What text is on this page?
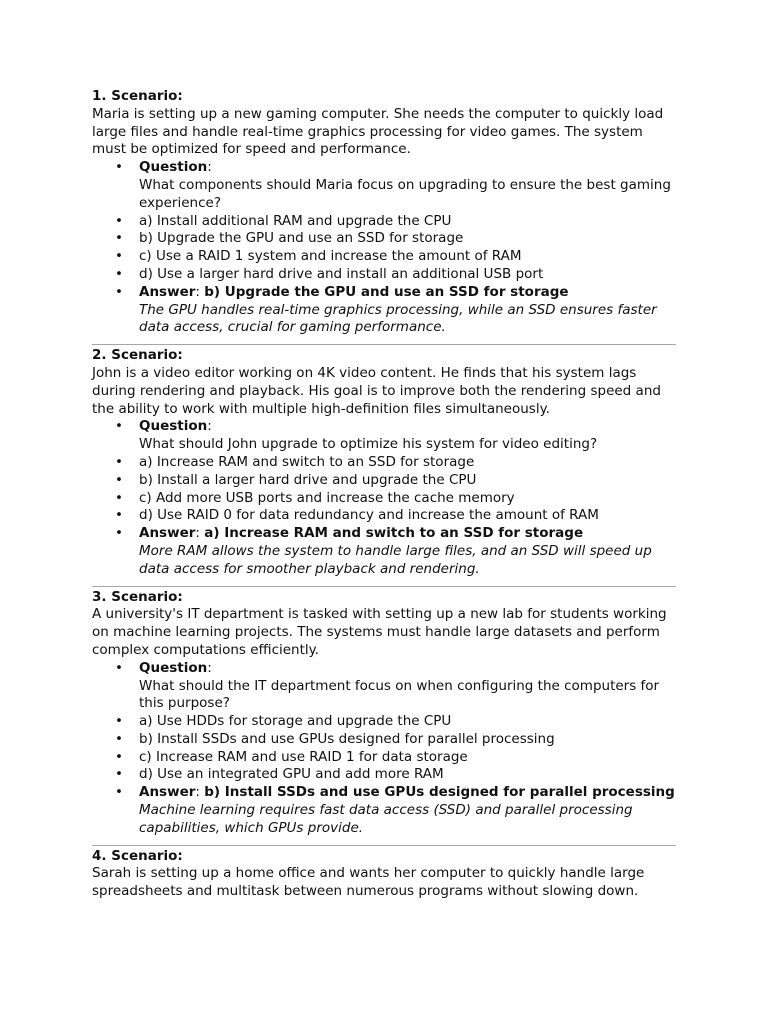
1. Scenario:

Maria is setting up a new gaming computer. She needs the computer to quickly load large files and handle real-time graphics processing for video games. The system must be optimized for speed and performance.

• Question:
What components should Maria focus on upgrading to ensure the best gaming experience?
• a) Install additional RAM and upgrade the CPU
• b) Upgrade the GPU and use an SSD for storage
• c) Use a RAID 1 system and increase the amount of RAM
• d) Use a larger hard drive and install an additional USB port
• Answer: b) Upgrade the GPU and use an SSD for storage
The GPU handles real-time graphics processing, while an SSD ensures faster data access, crucial for gaming performance.
2. Scenario:

John is a video editor working on 4K video content. He finds that his system lags during rendering and playback. His goal is to improve both the rendering speed and the ability to work with multiple high-definition files simultaneously.

• Question:
What should John upgrade to optimize his system for video editing?
• a) Increase RAM and switch to an SSD for storage
• b) Install a larger hard drive and upgrade the CPU
• c) Add more USB ports and increase the cache memory
• d) Use RAID 0 for data redundancy and increase the amount of RAM
• Answer: a) Increase RAM and switch to an SSD for storage
More RAM allows the system to handle large files, and an SSD will speed up data access for smoother playback and rendering.
3. Scenario:

A university's IT department is tasked with setting up a new lab for students working on machine learning projects. The systems must handle large datasets and perform complex computations efficiently.

• Question:
What should the IT department focus on when configuring the computers for this purpose?
• a) Use HDDs for storage and upgrade the CPU
• b) Install SSDs and use GPUs designed for parallel processing
• c) Increase RAM and use RAID 1 for data storage
• d) Use an integrated GPU and add more RAM
• Answer: b) Install SSDs and use GPUs designed for parallel processing
Machine learning requires fast data access (SSD) and parallel processing capabilities, which GPUs provide.
4. Scenario:

Sarah is setting up a home office and wants her computer to quickly handle large spreadsheets and multitask between numerous programs without slowing down.
